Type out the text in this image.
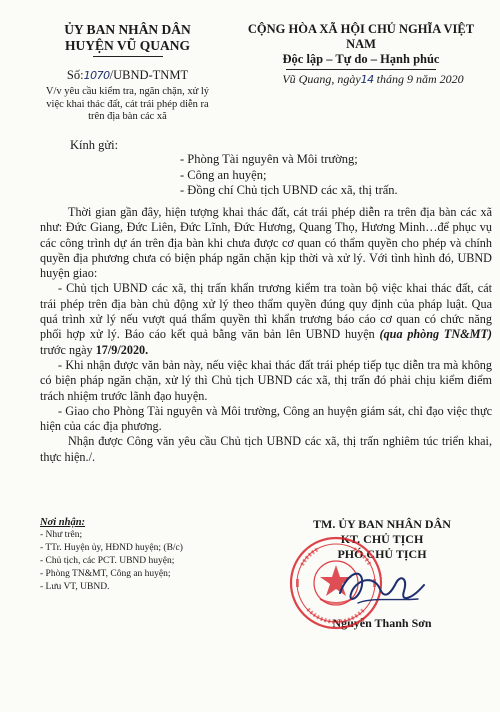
ỦY BAN NHÂN DÂN
HUYỆN VŨ QUANG
CỘNG HÒA XÃ HỘI CHỦ NGHĨA VIỆT NAM
Độc lập – Tự do – Hạnh phúc
Số:1070/UBND-TNMT	Vũ Quang, ngày14 tháng 9 năm 2020
V/v yêu cầu kiểm tra, ngăn chặn, xử lý việc khai thác đất, cát trái phép diễn ra trên địa bàn các xã
Kính gửi:
- Phòng Tài nguyên và Môi trường;
- Công an huyện;
- Đồng chí Chủ tịch UBND các xã, thị trấn.

Thời gian gần đây, hiện tượng khai thác đất, cát trái phép diễn ra trên địa bàn các xã như: Đức Giang, Đức Liên, Đức Lĩnh, Đức Hương, Quang Thọ, Hương Minh…để phục vụ các công trình dự án trên địa bàn khi chưa được cơ quan có thẩm quyền cho phép và chính quyền địa phương chưa có biện pháp ngăn chặn kịp thời và xử lý. Với tình hình đó, UBND huyện giao:

- Chủ tịch UBND các xã, thị trấn khẩn trương kiểm tra toàn bộ việc khai thác đất, cát trái phép trên địa bàn chủ động xử lý theo thẩm quyền đúng quy định của pháp luật. Qua quá trình xử lý nếu vượt quá thẩm quyền thì khẩn trương báo cáo cơ quan có chức năng phối hợp xử lý. Báo cáo kết quả bằng văn bản lên UBND huyện (qua phòng TN&MT) trước ngày 17/9/2020.

- Khi nhận được văn bản này, nếu việc khai thác đất trái phép tiếp tục diễn tra mà không có biện pháp ngăn chặn, xử lý thì Chủ tịch UBND các xã, thị trấn đó phải chịu kiểm điểm trách nhiệm trước lãnh đạo huyện.

- Giao cho Phòng Tài nguyên và Môi trường, Công an huyện giám sát, chỉ đạo việc thực hiện của các địa phương.

Nhận được Công văn yêu cầu Chủ tịch UBND các xã, thị trấn nghiêm túc triển khai, thực hiện./.

Nơi nhận:
- Như trên;
- TTr. Huyện ủy, HĐND huyện; (B/c)
- Chủ tịch, các PCT. UBND huyện;
- Phòng TN&MT, Công an huyện;
- Lưu VT, UBND.
TM. ỦY BAN NHÂN DÂN
KT. CHỦ TỊCH
PHÓ CHỦ TỊCH
Nguyễn Thanh Sơn
